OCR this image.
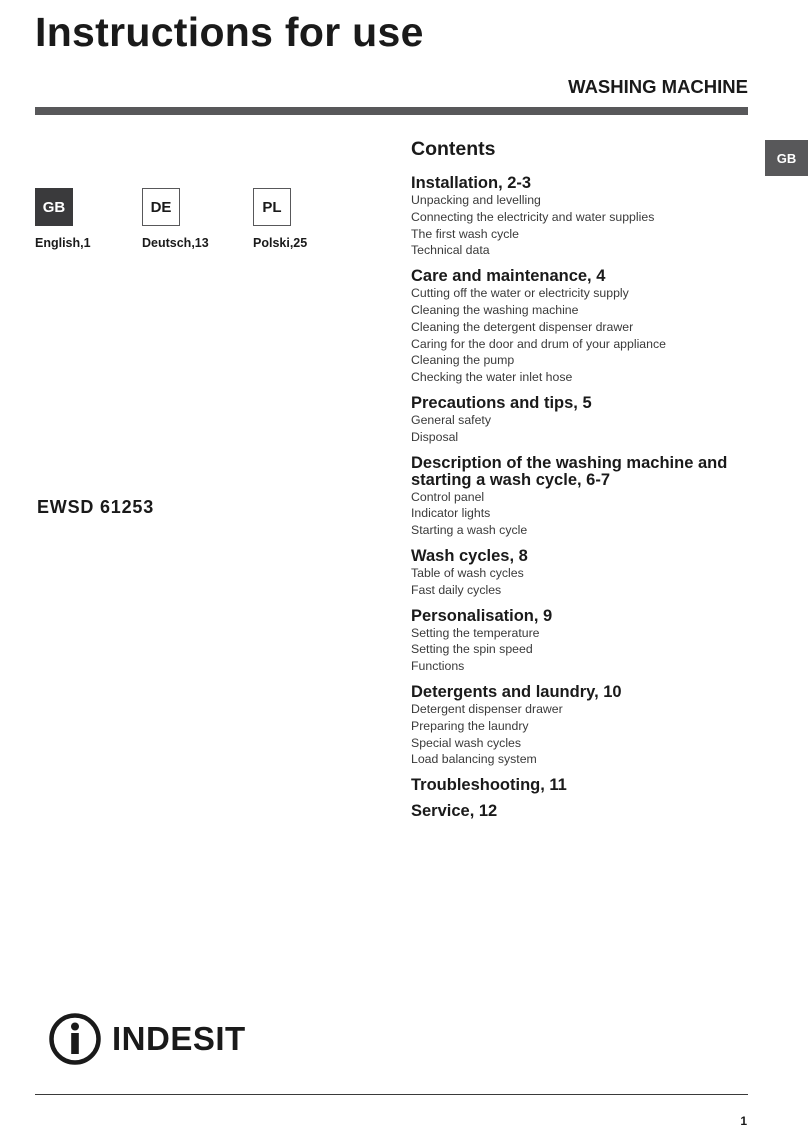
Instructions for use
WASHING MACHINE
GB
GB
English,1
DE
Deutsch,13
PL
Polski,25
EWSD 61253
Contents
Installation, 2-3
Unpacking and levelling
Connecting the electricity and water supplies
The first wash cycle
Technical data
Care and maintenance, 4
Cutting off the water or electricity supply
Cleaning the washing machine
Cleaning the detergent dispenser drawer
Caring for the door and drum of your appliance
Cleaning the pump
Checking the water inlet hose
Precautions and tips, 5
General safety
Disposal
Description of the washing machine and starting a wash cycle, 6-7
Control panel
Indicator lights
Starting a wash cycle
Wash cycles, 8
Table of wash cycles
Fast daily cycles
Personalisation, 9
Setting the temperature
Setting the spin speed
Functions
Detergents and laundry, 10
Detergent dispenser drawer
Preparing the laundry
Special wash cycles
Load balancing system
Troubleshooting, 11
Service, 12
INDESIT
1
